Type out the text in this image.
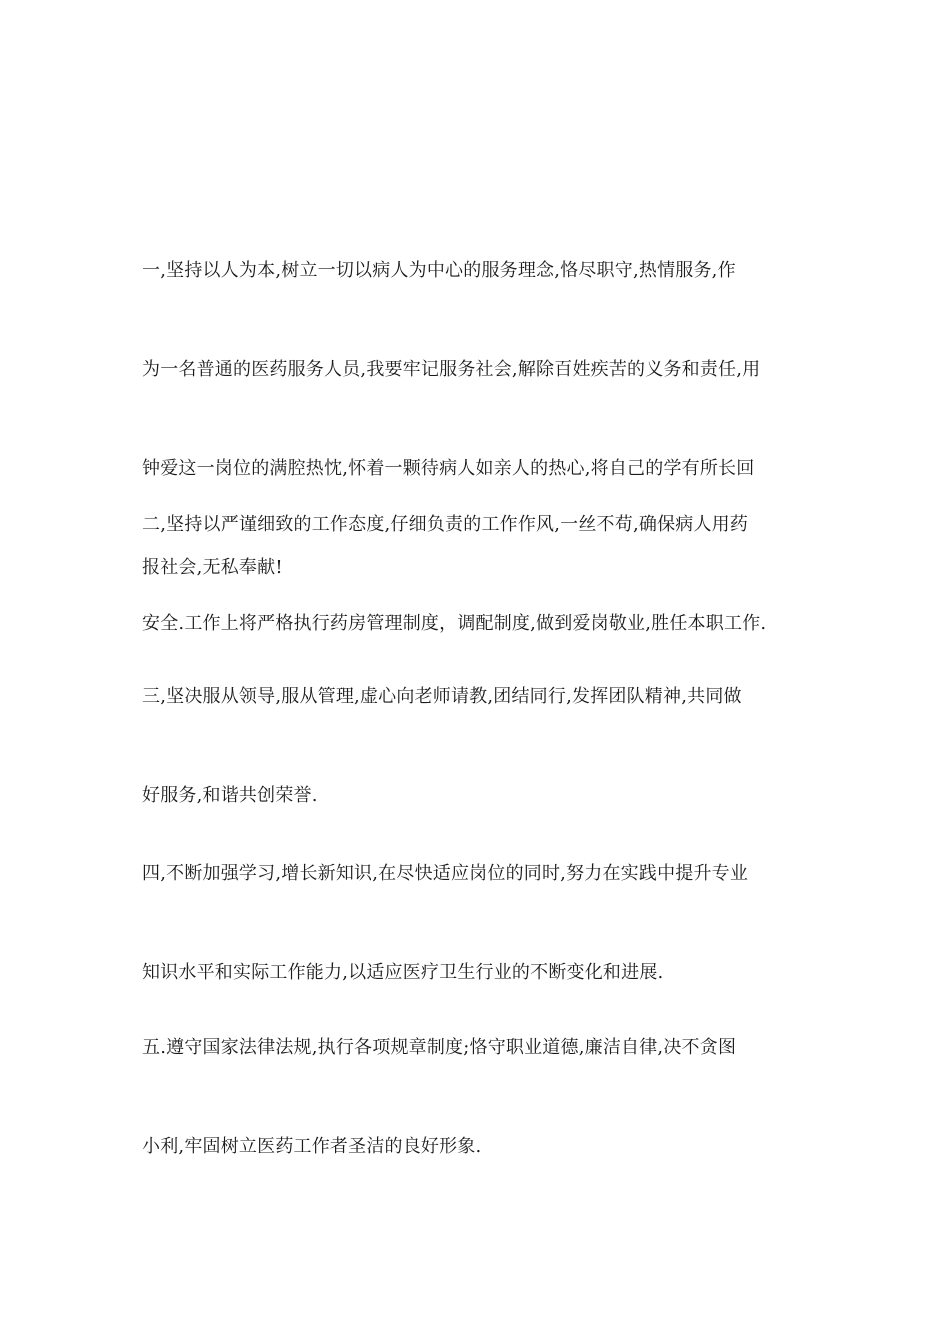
一,坚持以人为本,树立一切以病人为中心的服务理念,恪尽职守,热情服务,作

为一名普通的医药服务人员,我要牢记服务社会,解除百姓疾苦的义务和责任,用

钟爱这一岗位的满腔热忱,怀着一颗待病人如亲人的热心,将自己的学有所长回

报社会,无私奉献!

二,坚持以严谨细致的工作态度,仔细负责的工作作风,一丝不苟,确保病人用药

安全.工作上将严格执行药房管理制度，调配制度,做到爱岗敬业,胜任本职工作.

三,坚决服从领导,服从管理,虚心向老师请教,团结同行,发挥团队精神,共同做

好服务,和谐共创荣誉.

四,不断加强学习,增长新知识,在尽快适应岗位的同时,努力在实践中提升专业

知识水平和实际工作能力,以适应医疗卫生行业的不断变化和进展.

五.遵守国家法律法规,执行各项规章制度;恪守职业道德,廉洁自律,决不贪图

小利,牢固树立医药工作者圣洁的良好形象.
